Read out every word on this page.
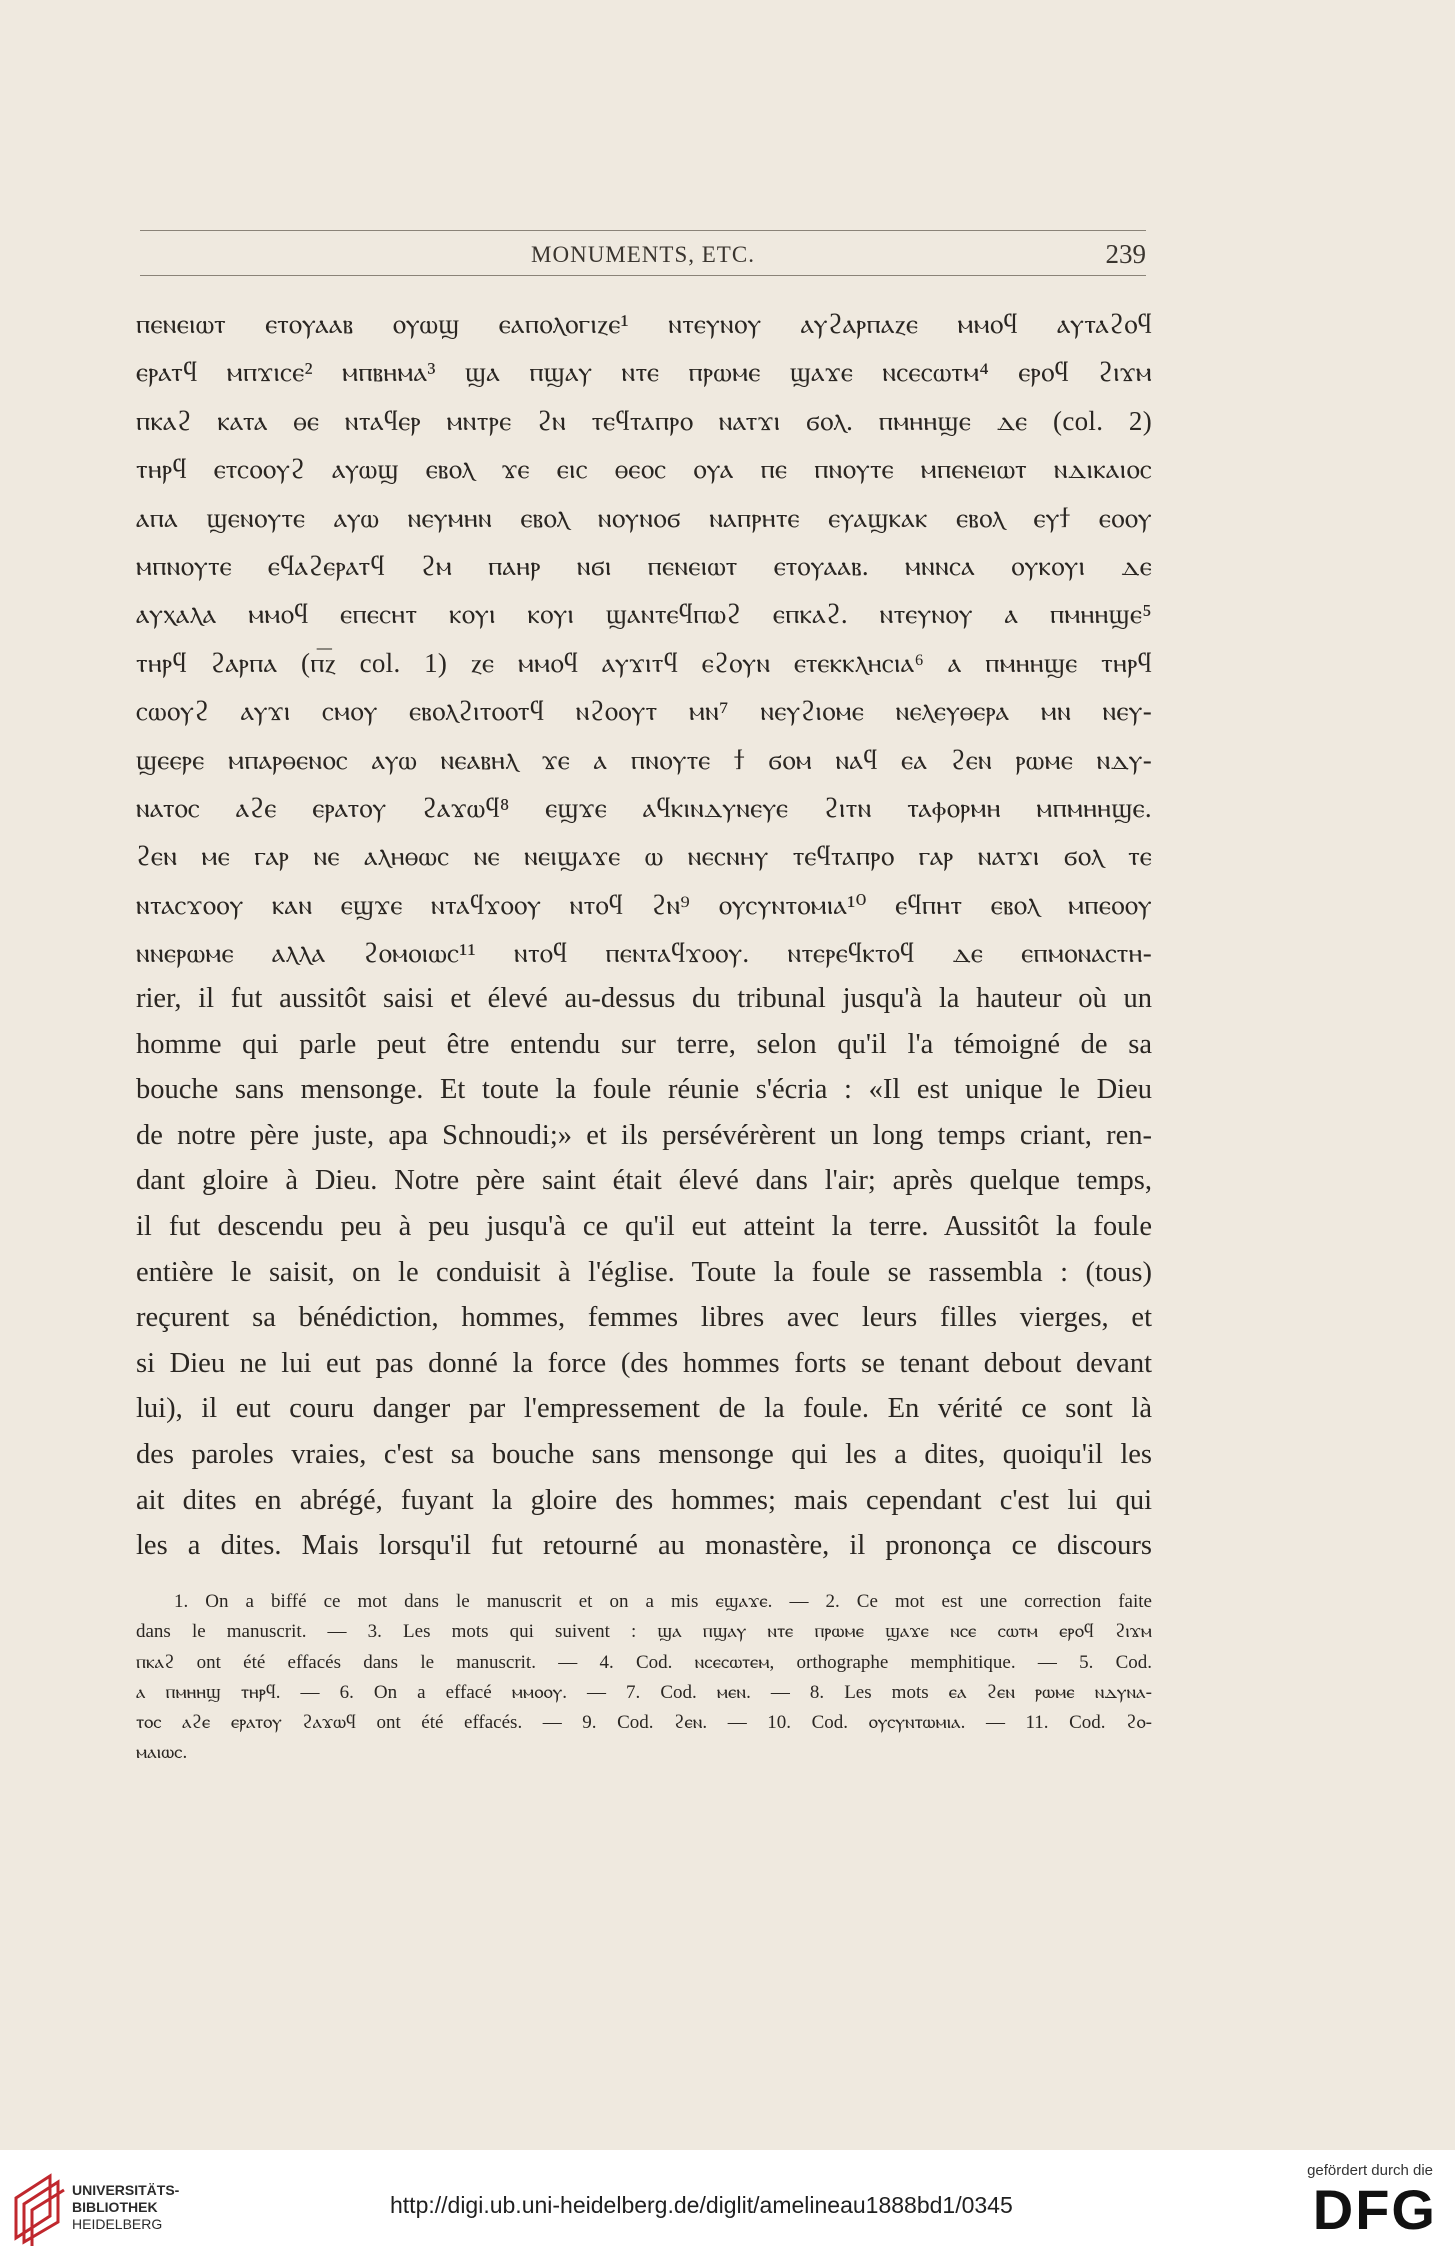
MONUMENTS, ETC.	239
ⲡⲉⲛⲉⲓⲱⲧ ⲉⲧⲟⲩⲁⲁⲃ ⲟⲩⲱϣ ⲉⲁⲡⲟⲗⲟⲅⲓⲍⲉ¹ ⲛⲧⲉⲩⲛⲟⲩ ⲁⲩϩⲁⲣⲡⲁⲍⲉ ⲙⲙⲟϥ ⲁⲩⲧⲁϩⲟϥ
ⲉⲣⲁⲧϥ ⲙⲡϫⲓⲥⲉ² ⲙⲡⲃⲏⲙⲁ³ ϣⲁ ⲡϣⲁⲩ ⲛⲧⲉ ⲡⲣⲱⲙⲉ ϣⲁϫⲉ ⲛⲥⲉⲥⲱⲧⲙ⁴ ⲉⲣⲟϥ ϩⲓϫⲙ
ⲡⲕⲁϩ ⲕⲁⲧⲁ ⲑⲉ ⲛⲧⲁϥⲉⲣ ⲙⲛⲧⲣⲉ ϩⲛ ⲧⲉϥⲧⲁⲡⲣⲟ ⲛⲁⲧϫⲓ ϭⲟⲗ. ⲡⲙⲏⲏϣⲉ ⲇⲉ (col. 2)
ⲧⲏⲣϥ ⲉⲧⲥⲟⲟⲩϩ ⲁⲩⲱϣ ⲉⲃⲟⲗ ϫⲉ ⲉⲓⲥ ⲑⲉⲟⲥ ⲟⲩⲁ ⲡⲉ ⲡⲛⲟⲩⲧⲉ ⲙⲡⲉⲛⲉⲓⲱⲧ ⲛⲇⲓⲕⲁⲓⲟⲥ
ⲁⲡⲁ ϣⲉⲛⲟⲩⲧⲉ ⲁⲩⲱ ⲛⲉⲩⲙⲏⲛ ⲉⲃⲟⲗ ⲛⲟⲩⲛⲟϭ ⲛⲁⲡⲣⲏⲧⲉ ⲉⲩⲁϣⲕⲁⲕ ⲉⲃⲟⲗ ⲉⲩϯ ⲉⲟⲟⲩ
ⲙⲡⲛⲟⲩⲧⲉ ⲉϥⲁϩⲉⲣⲁⲧϥ ϩⲙ ⲡⲁⲏⲣ ⲛϭⲓ ⲡⲉⲛⲉⲓⲱⲧ ⲉⲧⲟⲩⲁⲁⲃ. ⲙⲛⲛⲥⲁ ⲟⲩⲕⲟⲩⲓ ⲇⲉ
ⲁⲩⲭⲁⲗⲁ ⲙⲙⲟϥ ⲉⲡⲉⲥⲏⲧ ⲕⲟⲩⲓ ⲕⲟⲩⲓ ϣⲁⲛⲧⲉϥⲡⲱϩ ⲉⲡⲕⲁϩ. ⲛⲧⲉⲩⲛⲟⲩ ⲁ ⲡⲙⲏⲏϣⲉ⁵
ⲧⲏⲣϥ ϩⲁⲣⲡⲁ (ⲡ͞ⲍ col. 1) ⲍⲉ ⲙⲙⲟϥ ⲁⲩϫⲓⲧϥ ⲉϩⲟⲩⲛ ⲉⲧⲉⲕⲕⲗⲏⲥⲓⲁ⁶ ⲁ ⲡⲙⲏⲏϣⲉ ⲧⲏⲣϥ
ⲥⲱⲟⲩϩ ⲁⲩϫⲓ ⲥⲙⲟⲩ ⲉⲃⲟⲗϩⲓⲧⲟⲟⲧϥ ⲛϩⲟⲟⲩⲧ ⲙⲛ⁷ ⲛⲉⲩϩⲓⲟⲙⲉ ⲛⲉⲗⲉⲩⲑⲉⲣⲁ ⲙⲛ ⲛⲉⲩ-
ϣⲉⲉⲣⲉ ⲙⲡⲁⲣⲑⲉⲛⲟⲥ ⲁⲩⲱ ⲛⲉⲁⲃⲏⲗ ϫⲉ ⲁ ⲡⲛⲟⲩⲧⲉ ϯ ϭⲟⲙ ⲛⲁϥ ⲉⲁ ϩⲉⲛ ⲣⲱⲙⲉ ⲛⲇⲩ-
ⲛⲁⲧⲟⲥ ⲁϩⲉ ⲉⲣⲁⲧⲟⲩ ϩⲁϫⲱϥ⁸ ⲉϣϫⲉ ⲁϥⲕⲓⲛⲇⲩⲛⲉⲩⲉ ϩⲓⲧⲛ ⲧⲁⲫⲟⲣⲙⲏ ⲙⲡⲙⲏⲏϣⲉ.
ϩⲉⲛ ⲙⲉ ⲅⲁⲣ ⲛⲉ ⲁⲗⲏⲑⲱⲥ ⲛⲉ ⲛⲉⲓϣⲁϫⲉ ⲱ ⲛⲉⲥⲛⲏⲩ ⲧⲉϥⲧⲁⲡⲣⲟ ⲅⲁⲣ ⲛⲁⲧϫⲓ ϭⲟⲗ ⲧⲉ
ⲛⲧⲁⲥϫⲟⲟⲩ ⲕⲁⲛ ⲉϣϫⲉ ⲛⲧⲁϥϫⲟⲟⲩ ⲛⲧⲟϥ ϩⲛ⁹ ⲟⲩⲥⲩⲛⲧⲟⲙⲓⲁ¹⁰ ⲉϥⲡⲏⲧ ⲉⲃⲟⲗ ⲙⲡⲉⲟⲟⲩ
ⲛⲛⲉⲣⲱⲙⲉ ⲁⲗⲗⲁ ϩⲟⲙⲟⲓⲱⲥ¹¹ ⲛⲧⲟϥ ⲡⲉⲛⲧⲁϥϫⲟⲟⲩ. ⲛⲧⲉⲣⲉϥⲕⲧⲟϥ ⲇⲉ ⲉⲡⲙⲟⲛⲁⲥⲧⲏ-
rier, il fut aussitôt saisi et élevé au-dessus du tribunal jusqu'à la hauteur où un
homme qui parle peut être entendu sur terre, selon qu'il l'a témoigné de sa
bouche sans mensonge. Et toute la foule réunie s'écria : «Il est unique le Dieu
de notre père juste, apa Schnoudi;» et ils persévérèrent un long temps criant, ren-
dant gloire à Dieu. Notre père saint était élevé dans l'air; après quelque temps,
il fut descendu peu à peu jusqu'à ce qu'il eut atteint la terre. Aussitôt la foule
entière le saisit, on le conduisit à l'église. Toute la foule se rassembla : (tous)
reçurent sa bénédiction, hommes, femmes libres avec leurs filles vierges, et
si Dieu ne lui eut pas donné la force (des hommes forts se tenant debout devant
lui), il eut couru danger par l'empressement de la foule. En vérité ce sont là
des paroles vraies, c'est sa bouche sans mensonge qui les a dites, quoiqu'il les
ait dites en abrégé, fuyant la gloire des hommes; mais cependant c'est lui qui
les a dites. Mais lorsqu'il fut retourné au monastère, il prononça ce discours
1. On a biffé ce mot dans le manuscrit et on a mis ⲉϣⲁϫⲉ. — 2. Ce mot est une correction faite
dans le manuscrit. — 3. Les mots qui suivent : ϣⲁ ⲡϣⲁⲩ ⲛⲧⲉ ⲡⲣⲱⲙⲉ ϣⲁϫⲉ ⲛⲥⲉ ⲥⲱⲧⲙ ⲉⲣⲟϥ ϩⲓϫⲙ
ⲡⲕⲁϩ ont été effacés dans le manuscrit. — 4. Cod. ⲛⲥⲉⲥⲱⲧⲉⲙ, orthographe memphitique. — 5. Cod.
ⲁ ⲡⲙⲏⲏϣ ⲧⲏⲣϥ. — 6. On a effacé ⲙⲙⲟⲟⲩ. — 7. Cod. ⲙⲉⲛ. — 8. Les mots ⲉⲁ ϩⲉⲛ ⲣⲱⲙⲉ ⲛⲇⲩⲛⲁ-
ⲧⲟⲥ ⲁϩⲉ ⲉⲣⲁⲧⲟⲩ ϩⲁϫⲱϥ ont été effacés. — 9. Cod. ϩⲉⲛ. — 10. Cod. ⲟⲩⲥⲩⲛⲧⲱⲙⲓⲁ. — 11. Cod. ϩⲟ-
ⲙⲁⲓⲱⲥ.
UNIVERSITÄTS-
BIBLIOTHEK
HEIDELBERG
http://digi.ub.uni-heidelberg.de/diglit/amelineau1888bd1/0345
gefördert durch die
DFG
